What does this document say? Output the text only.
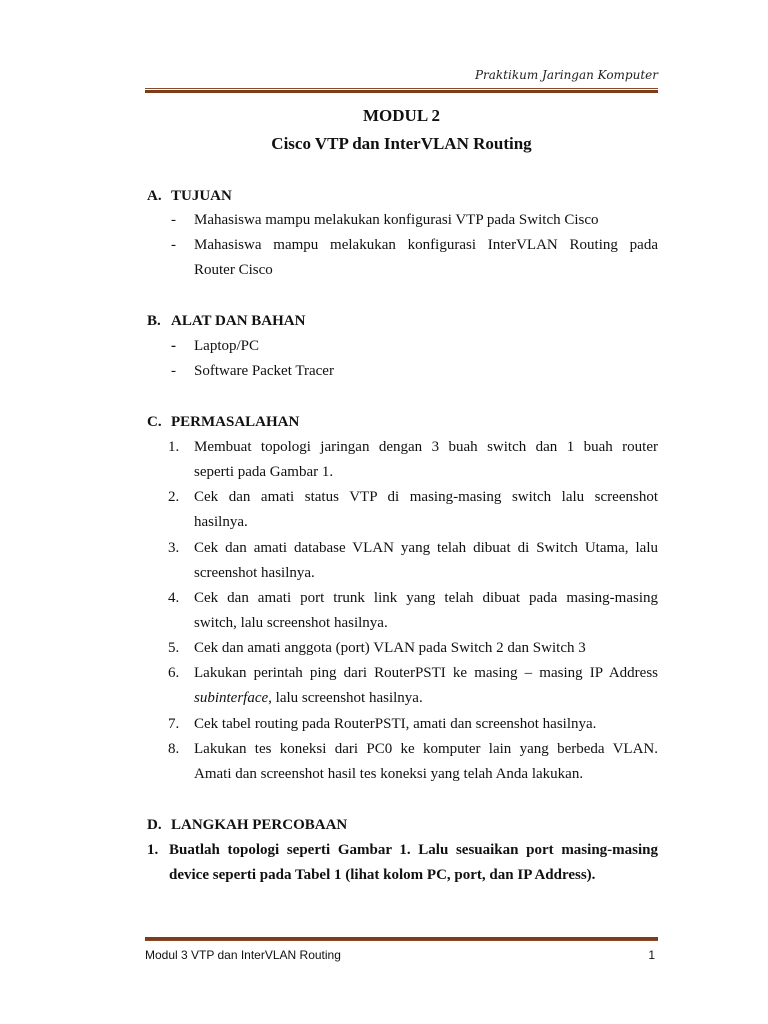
Praktikum Jaringan Komputer
MODUL 2
Cisco VTP dan InterVLAN Routing
A. TUJUAN
- Mahasiswa mampu melakukan konfigurasi VTP pada Switch Cisco
- Mahasiswa mampu melakukan konfigurasi InterVLAN Routing pada
Router Cisco
B. ALAT DAN BAHAN
- Laptop/PC
- Software Packet Tracer
C. PERMASALAHAN
1. Membuat topologi jaringan dengan 3 buah switch dan 1 buah router
seperti pada Gambar 1.
2. Cek dan amati status VTP di masing-masing switch lalu screenshot
hasilnya.
3. Cek dan amati database VLAN yang telah dibuat di Switch Utama, lalu
screenshot hasilnya.
4. Cek dan amati port trunk link yang telah dibuat pada masing-masing
switch, lalu screenshot hasilnya.
5. Cek dan amati anggota (port) VLAN pada Switch 2 dan Switch 3
6. Lakukan perintah ping dari RouterPSTI ke masing – masing IP Address
subinterface, lalu screenshot hasilnya.
7. Cek tabel routing pada RouterPSTI, amati dan screenshot hasilnya.
8. Lakukan tes koneksi dari PC0 ke komputer lain yang berbeda VLAN.
Amati dan screenshot hasil tes koneksi yang telah Anda lakukan.
D. LANGKAH PERCOBAAN
1. Buatlah topologi seperti Gambar 1. Lalu sesuaikan port masing-masing
device seperti pada Tabel 1 (lihat kolom PC, port, dan IP Address).
Modul 3 VTP dan InterVLAN Routing	1
